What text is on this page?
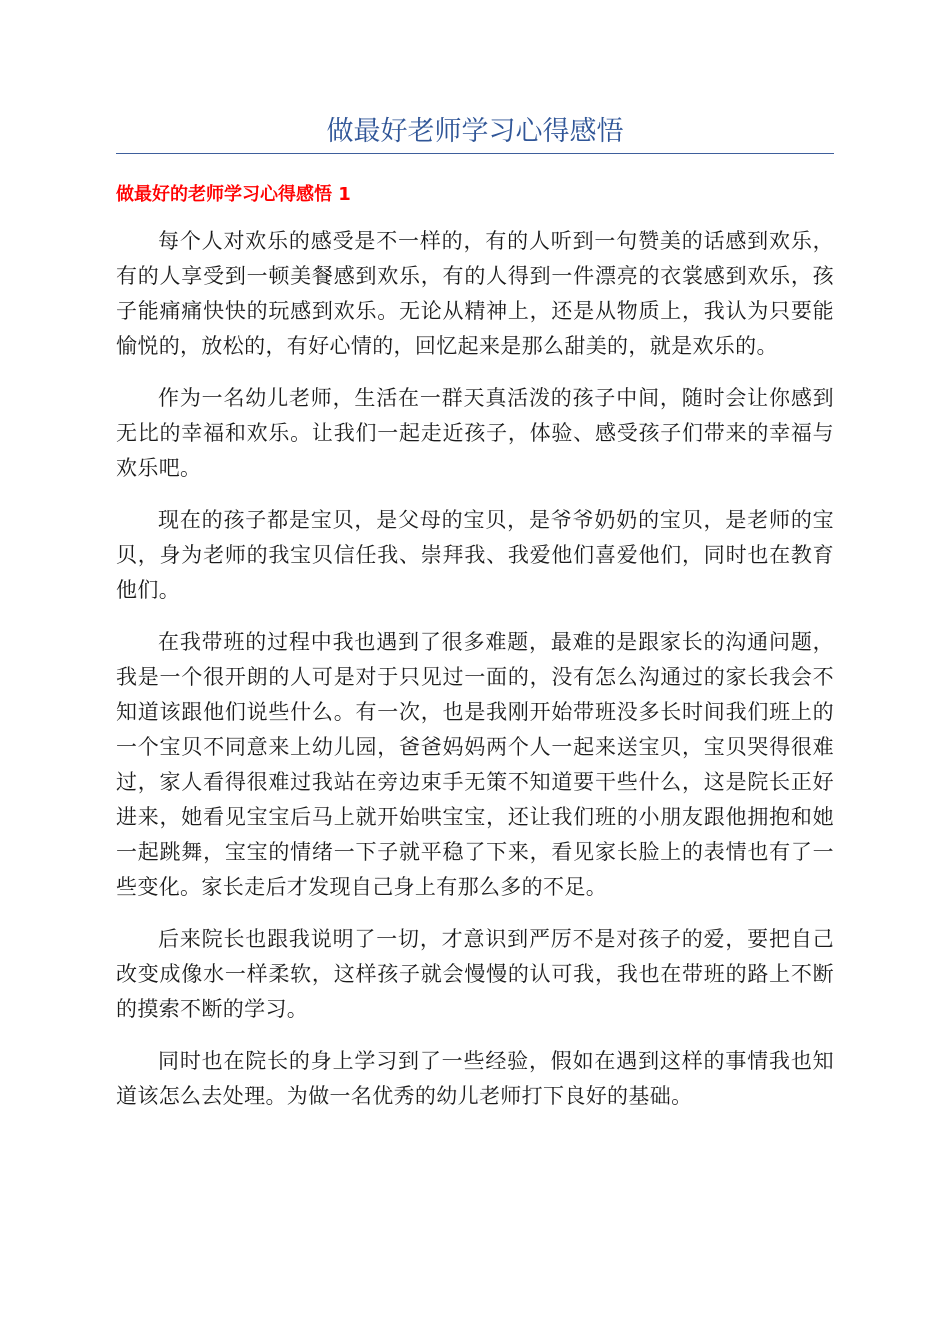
做最好老师学习心得感悟
做最好的老师学习心得感悟 1

每个人对欢乐的感受是不一样的，有的人听到一句赞美的话感到欢乐，有的人享受到一顿美餐感到欢乐，有的人得到一件漂亮的衣裳感到欢乐，孩子能痛痛快快的玩感到欢乐。无论从精神上，还是从物质上，我认为只要能愉悦的，放松的，有好心情的，回忆起来是那么甜美的，就是欢乐的。

作为一名幼儿老师，生活在一群天真活泼的孩子中间，随时会让你感到无比的幸福和欢乐。让我们一起走近孩子，体验、感受孩子们带来的幸福与欢乐吧。

现在的孩子都是宝贝，是父母的宝贝，是爷爷奶奶的宝贝，是老师的宝贝，身为老师的我宝贝信任我、崇拜我、我爱他们喜爱他们，同时也在教育他们。

在我带班的过程中我也遇到了很多难题，最难的是跟家长的沟通问题，我是一个很开朗的人可是对于只见过一面的，没有怎么沟通过的家长我会不知道该跟他们说些什么。有一次，也是我刚开始带班没多长时间我们班上的一个宝贝不同意来上幼儿园，爸爸妈妈两个人一起来送宝贝，宝贝哭得很难过，家人看得很难过我站在旁边束手无策不知道要干些什么，这是院长正好进来，她看见宝宝后马上就开始哄宝宝，还让我们班的小朋友跟他拥抱和她一起跳舞，宝宝的情绪一下子就平稳了下来，看见家长脸上的表情也有了一些变化。家长走后才发现自己身上有那么多的不足。

后来院长也跟我说明了一切，才意识到严厉不是对孩子的爱，要把自己改变成像水一样柔软，这样孩子就会慢慢的认可我，我也在带班的路上不断的摸索不断的学习。

同时也在院长的身上学习到了一些经验，假如在遇到这样的事情我也知道该怎么去处理。为做一名优秀的幼儿老师打下良好的基础。
